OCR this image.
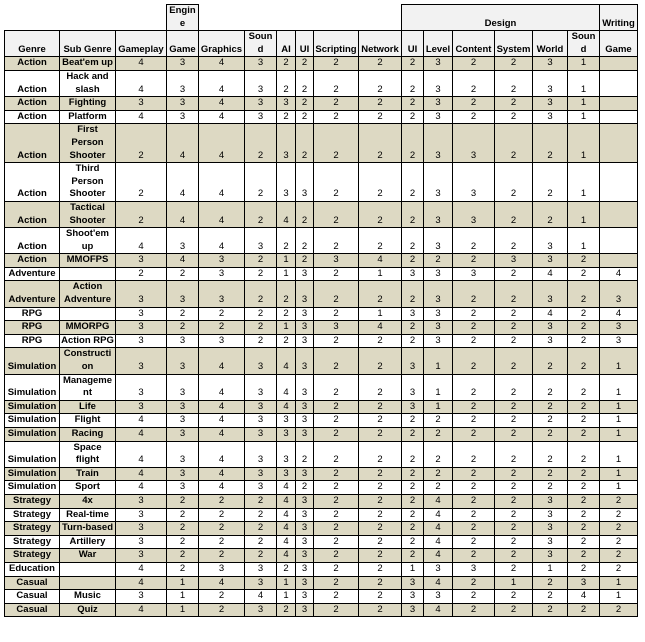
			Engine							Design						Writing
Genre	Sub Genre	Gameplay	Game	Graphics	Sound	AI	UI	Scripting	Network	UI	Level	Content	System	World	Sound	Game
Action	Beat'em up	4	3	4	3	2	2	2	2	2	3	2	2	3	1	
Action	Hack and slash	4	3	4	3	2	2	2	2	2	3	2	2	3	1	
Action	Fighting	3	3	4	3	3	2	2	2	2	3	2	2	3	1	
Action	Platform	4	3	4	3	2	2	2	2	2	3	2	2	3	1	
Action	First Person Shooter	2	4	4	2	3	2	2	2	2	3	3	2	2	1	
Action	Third Person Shooter	2	4	4	2	3	3	2	2	2	3	3	2	2	1	
Action	Tactical Shooter	2	4	4	2	4	2	2	2	2	3	3	2	2	1	
Action	Shoot'em up	4	3	4	3	2	2	2	2	2	3	2	2	3	1	
Action	MMOFPS	3	4	3	2	1	2	3	4	2	2	2	3	3	2	
Adventure		2	2	3	2	1	3	2	1	3	3	3	2	4	2	4
Adventure	Action Adventure	3	3	3	2	2	3	2	2	2	3	2	2	3	2	3
RPG		3	2	2	2	2	3	2	1	3	3	2	2	4	2	4
RPG	MMORPG	3	2	2	2	1	3	3	4	2	3	2	2	3	2	3
RPG	Action RPG	3	3	3	2	2	3	2	2	2	3	2	2	3	2	3
Simulation	Construction	3	3	4	3	4	3	2	2	3	1	2	2	2	2	1
Simulation	Management	3	3	4	3	4	3	2	2	3	1	2	2	2	2	1
Simulation	Life	3	3	4	3	4	3	2	2	3	1	2	2	2	2	1
Simulation	Flight	4	3	4	3	3	3	2	2	2	2	2	2	2	2	1
Simulation	Racing	4	3	4	3	3	3	2	2	2	2	2	2	2	2	1
Simulation	Space flight	4	3	4	3	3	2	2	2	2	2	2	2	2	2	1
Simulation	Train	4	3	4	3	3	3	2	2	2	2	2	2	2	2	1
Simulation	Sport	4	3	4	3	4	2	2	2	2	2	2	2	2	2	1
Strategy	4x	3	2	2	2	4	3	2	2	2	4	2	2	3	2	2
Strategy	Real-time	3	2	2	2	4	3	2	2	2	4	2	2	3	2	2
Strategy	Turn-based	3	2	2	2	4	3	2	2	2	4	2	2	3	2	2
Strategy	Artillery	3	2	2	2	4	3	2	2	2	4	2	2	3	2	2
Strategy	War	3	2	2	2	4	3	2	2	2	4	2	2	3	2	2
Education		4	2	3	3	2	3	2	2	1	3	3	2	1	2	2
Casual		4	1	4	3	1	3	2	2	3	4	2	1	2	3	1
Casual	Music	3	1	2	4	1	3	2	2	3	3	2	2	2	4	1
Casual	Quiz	4	1	2	3	2	3	2	2	3	4	2	2	2	2	2
